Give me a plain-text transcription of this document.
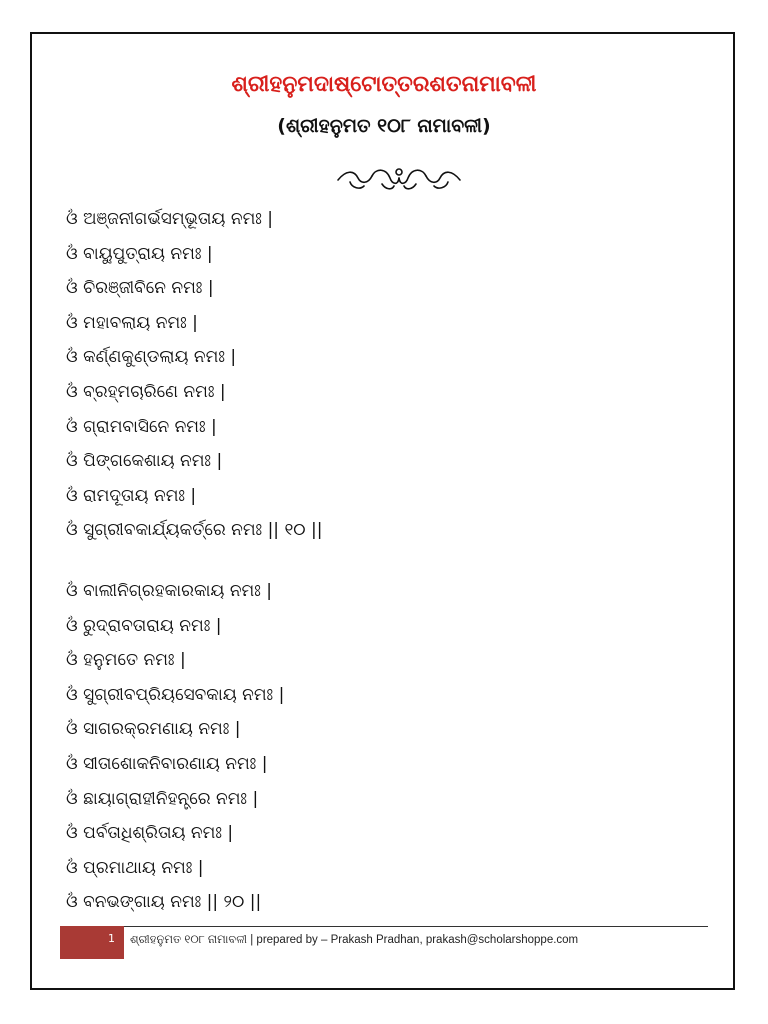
ଶ୍ରୀହନୁମଦାଷ୍ଟୋତ୍ତରଶତନାମାବଳୀ
(ଶ୍ରୀହନୁମତ ୧୦୮ ନାମାବଳୀ)
ଓଁ ଅଞ୍ଜନୀଗର୍ଭସମ୍ଭୂତାୟ ନମଃ |
ଓଁ ବାୟୁପୁତ୍ରାୟ ନମଃ |
ଓଁ ଚିରଞ୍ଜୀବିନେ ନମଃ |
ଓଁ ମହାବଲାୟ ନମଃ |
ଓଁ କର୍ଣ୍ଣକୁଣ୍ଡଲାୟ ନମଃ |
ଓଁ ବ୍ରହ୍ମଚାରିଣେ ନମଃ |
ଓଁ ଗ୍ରାମବାସିନେ ନମଃ |
ଓଁ ପିଙ୍ଗକେଶାୟ ନମଃ |
ଓଁ ରାମଦୂତାୟ ନମଃ |
ଓଁ ସୁଗ୍ରୀବକାର୍ଯ୍ୟକର୍ତ୍ରେ ନମଃ || ୧୦ ||
ଓଁ ବାଲୀନିଗ୍ରହକାରକାୟ ନମଃ |
ଓଁ ରୁଦ୍ରାବତାରାୟ ନମଃ |
ଓଁ ହନୁମତେ ନମଃ |
ଓଁ ସୁଗ୍ରୀବପ୍ରିୟସେବକାୟ ନମଃ |
ଓଁ ସାଗରକ୍ରମଣାୟ ନମଃ |
ଓଁ ସୀତାଶୋକନିବାରଣାୟ ନମଃ |
ଓଁ ଛାୟାଗ୍ରାହୀନିହନ୍ତ୍ରେ ନମଃ |
ଓଁ ପର୍ବତାଧିଶ୍ରିତାୟ ନମଃ |
ଓଁ ପ୍ରମାଥାୟ ନମଃ |
ଓଁ ବନଭଙ୍ଗାୟ ନମଃ || ୨୦ ||
1 ଶ୍ରୀହନୁମତ ୧୦୮ ନାମାବଳୀ | prepared by – Prakash Pradhan, prakash@scholarshoppe.com
